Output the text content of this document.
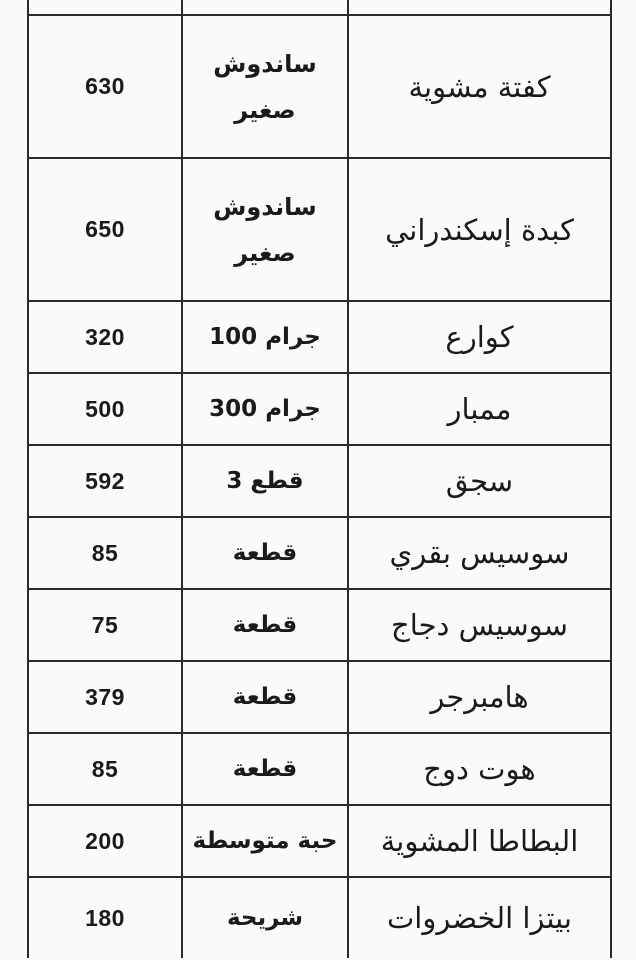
630	ساندوش صغير	كفتة مشوية
650	ساندوش صغير	كبدة إسكندراني
320	100 جرام	كوارع
500	300 جرام	ممبار
592	3 قطع	سجق
85	قطعة	سوسيس بقري
75	قطعة	سوسيس دجاج
379	قطعة	هامبرجر
85	قطعة	هوت دوج
200	حبة متوسطة	البطاطا المشوية
180	شريحة	بيتزا الخضروات
